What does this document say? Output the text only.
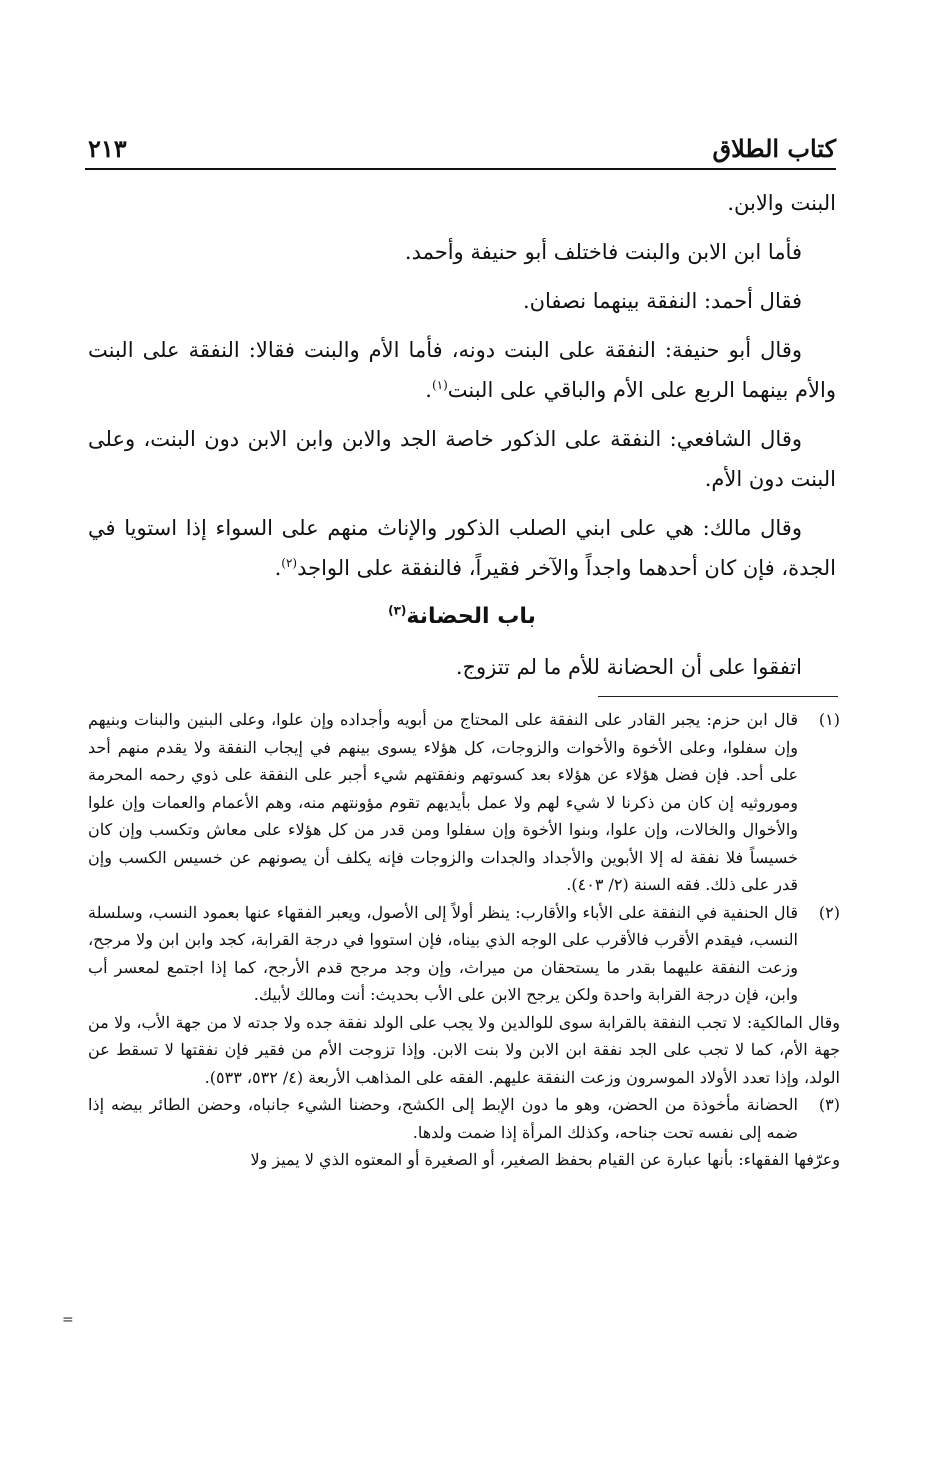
كتاب الطلاق
٢١٣

البنت والابن.

فأما ابن الابن والبنت فاختلف أبو حنيفة وأحمد.

فقال أحمد: النفقة بينهما نصفان.

وقال أبو حنيفة: النفقة على البنت دونه، فأما الأم والبنت فقالا: النفقة على البنت والأم بينهما الربع على الأم والباقي على البنت$^{(١)}$.

وقال الشافعي: النفقة على الذكور خاصة الجد والابن وابن الابن دون البنت، وعلى البنت دون الأم.

وقال مالك: هي على ابني الصلب الذكور والإناث منهم على السواء إذا استويا في الجدة، فإن كان أحدهما واجداً والآخر فقيراً، فالنفقة على الواجد$^{(٢)}$.

باب الحضانة$^{(٣)}$

اتفقوا على أن الحضانة للأم ما لم تتزوج.

(١)
قال ابن حزم: يجبر القادر على النفقة على المحتاج من أبويه وأجداده وإن علوا، وعلى البنين والبنات وبنيهم وإن سفلوا، وعلى الأخوة والأخوات والزوجات، كل هؤلاء يسوى بينهم في إيجاب النفقة ولا يقدم منهم أحد على أحد. فإن فضل هؤلاء عن هؤلاء بعد كسوتهم ونفقتهم شيء أجبر على النفقة على ذوي رحمه المحرمة وموروثيه إن كان من ذكرنا لا شيء لهم ولا عمل بأيديهم تقوم مؤونتهم منه، وهم الأعمام والعمات وإن علوا والأخوال والخالات، وإن علوا، وبنوا الأخوة وإن سفلوا ومن قدر من كل هؤلاء على معاش وتكسب وإن كان خسيساً فلا نفقة له إلا الأبوين والأجداد والجدات والزوجات فإنه يكلف أن يصونهم عن خسيس الكسب وإن قدر على ذلك. فقه السنة (٢/ ٤٠٣).
(٢)
قال الحنفية في النفقة على الأباء والأقارب: ينظر أولاً إلى الأصول، ويعبر الفقهاء عنها بعمود النسب، وسلسلة النسب، فيقدم الأقرب فالأقرب على الوجه الذي بيناه، فإن استووا في درجة القرابة، كجد وابن ابن ولا مرجح، وزعت النفقة عليهما بقدر ما يستحقان من ميراث، وإن وجد مرجح قدم الأرجح، كما إذا اجتمع لمعسر أب وابن، فإن درجة القرابة واحدة ولكن يرجح الابن على الأب بحديث: أنت ومالك لأبيك.

وقال المالكية: لا تجب النفقة بالقرابة سوى للوالدين ولا يجب على الولد نفقة جده ولا جدته لا من جهة الأب، ولا من جهة الأم، كما لا تجب على الجد نفقة ابن الابن ولا بنت الابن. وإذا تزوجت الأم من فقير فإن نفقتها لا تسقط عن الولد، وإذا تعدد الأولاد الموسرون وزعت النفقة عليهم. الفقه على المذاهب الأربعة (٤/ ٥٣٢، ٥٣٣).

(٣)
الحضانة مأخوذة من الحضن، وهو ما دون الإبط إلى الكشح، وحضنا الشيء جانباه، وحضن الطائر بيضه إذا ضمه إلى نفسه تحت جناحه، وكذلك المرأة إذا ضمت ولدها.

وعرّفها الفقهاء: بأنها عبارة عن القيام بحفظ الصغير، أو الصغيرة أو المعتوه الذي لا يميز ولا

=
